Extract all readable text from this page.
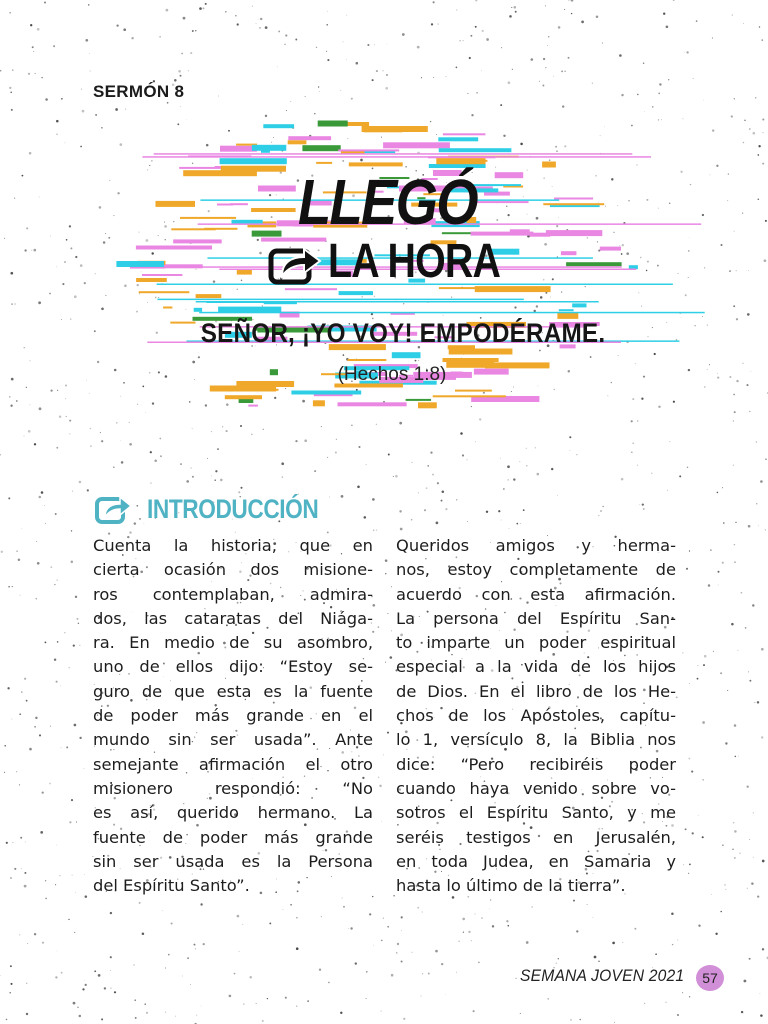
SERMÓN 8
LLEGÓ
LA HORA
SEÑOR, ¡YO VOY! EMPODÉRAME.
(Hechos 1:8)
INTRODUCCIÓN
Cuenta la historia, que en
cierta ocasión dos misione-
ros contemplaban, admira-
dos, las cataratas del Niága-
ra. En medio de su asombro,
uno de ellos dijo: “Estoy se-
guro de que esta es la fuente
de poder más grande en el
mundo sin ser usada”. Ante
semejante afirmación el otro
misionero respondió: “No
es así, querido hermano. La
fuente de poder más grande
sin ser usada es la Persona
del Espíritu Santo”.
Queridos amigos y herma-
nos, estoy completamente de
acuerdo con esta afirmación.
La persona del Espíritu San-
to imparte un poder espiritual
especial a la vida de los hijos
de Dios. En el libro de los He-
chos de los Apóstoles, capítu-
lo 1, versículo 8, la Biblia nos
dice: “Pero recibiréis poder
cuando haya venido sobre vo-
sotros el Espíritu Santo, y me
seréis testigos en Jerusalén,
en toda Judea, en Samaria y
hasta lo último de la tierra”.
SEMANA JOVEN 2021	57
